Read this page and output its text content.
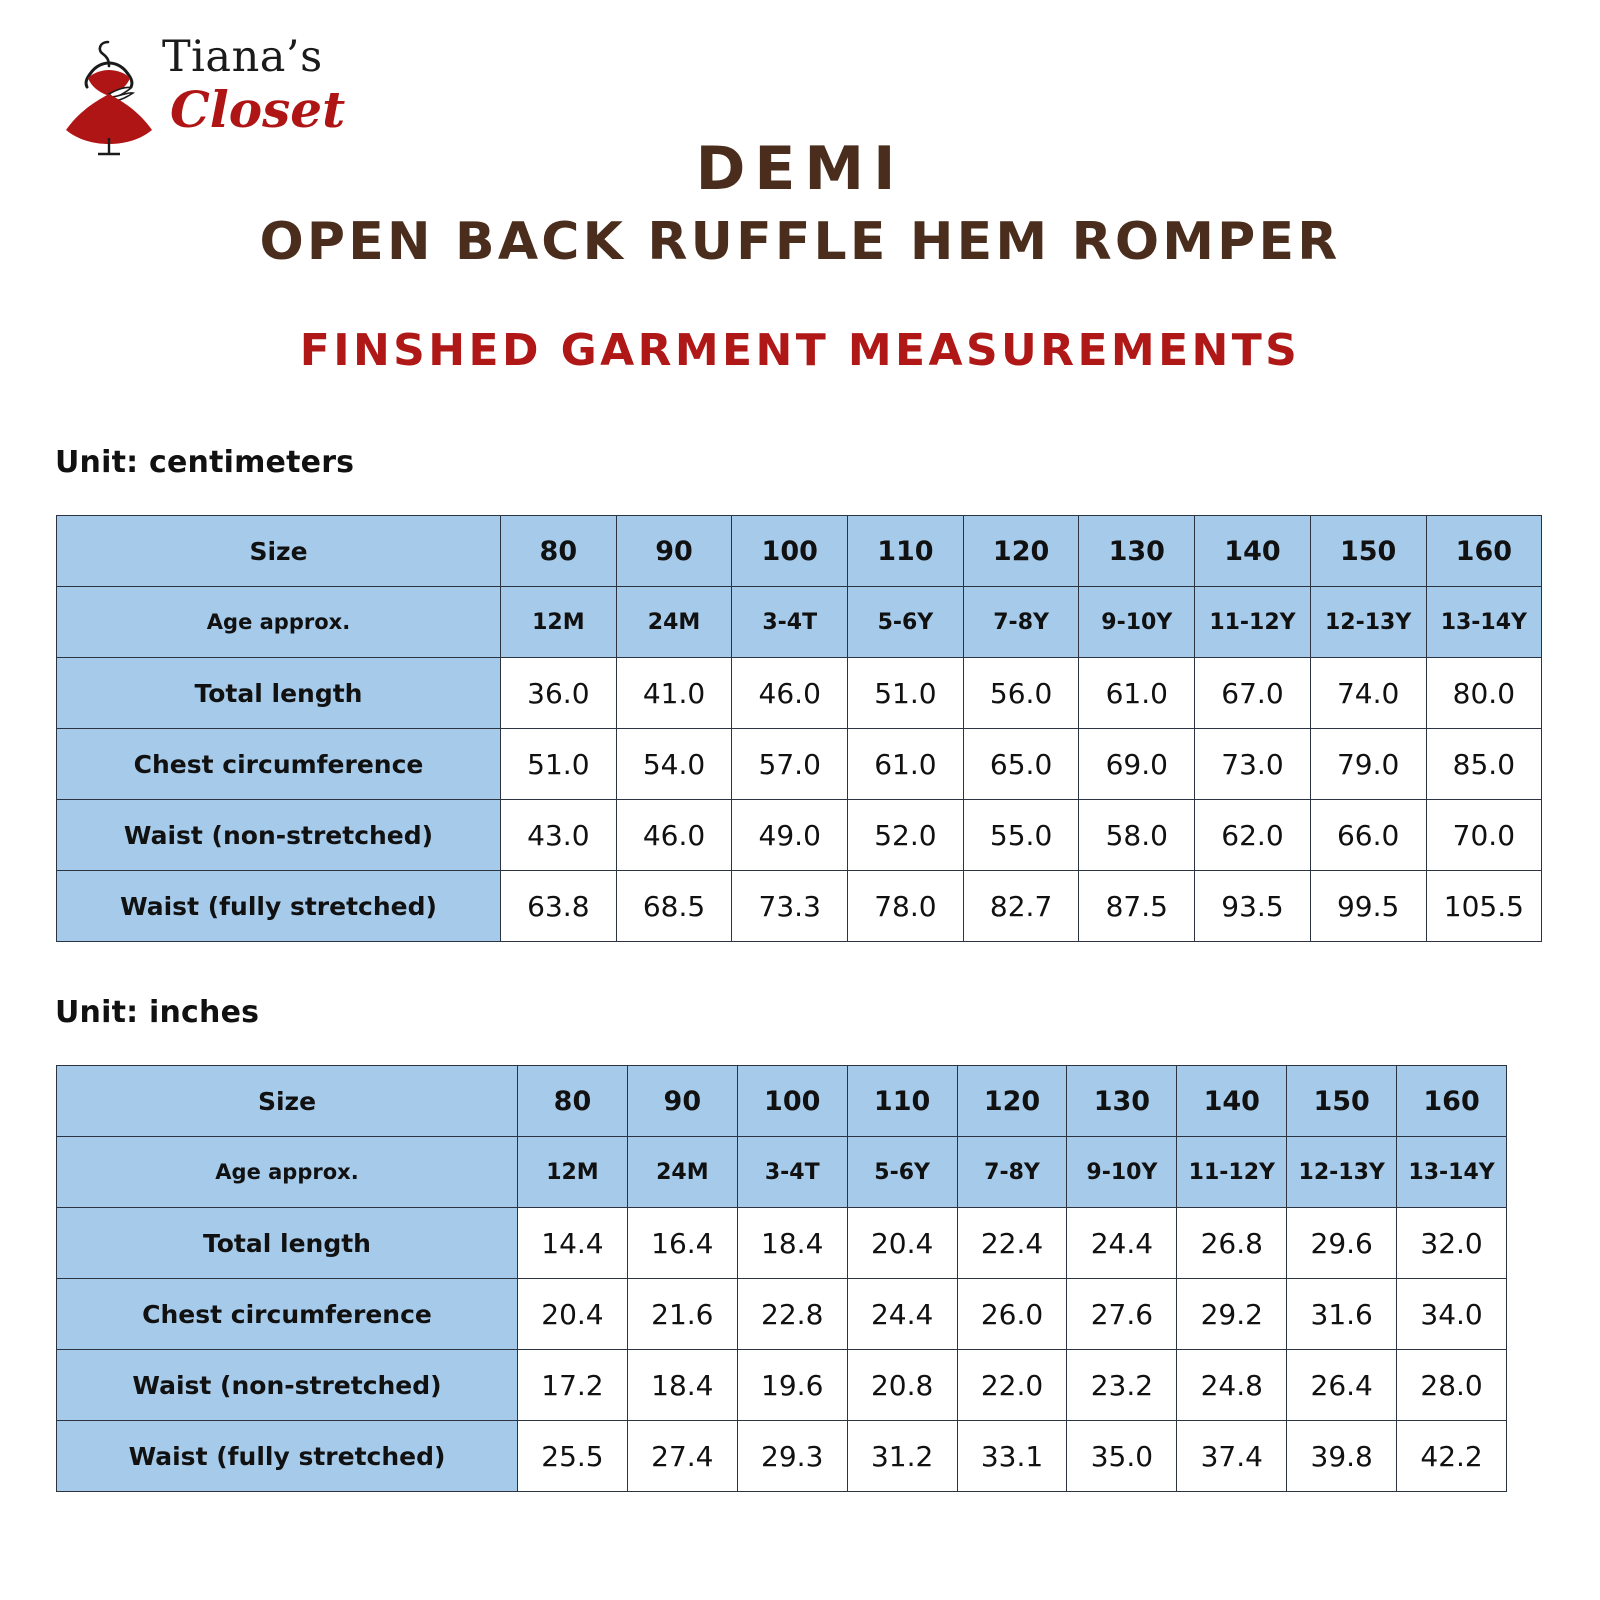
Tiana’s
Closet
DEMI
OPEN BACK RUFFLE HEM ROMPER
FINSHED GARMENT MEASUREMENTS
Unit: centimeters
Unit: inches
Size	80	90	100	110	120	130	140	150	160
Age approx.	12M	24M	3-4T	5-6Y	7-8Y	9-10Y	11-12Y	12-13Y	13-14Y
Total length	36.0	41.0	46.0	51.0	56.0	61.0	67.0	74.0	80.0
Chest circumference	51.0	54.0	57.0	61.0	65.0	69.0	73.0	79.0	85.0
Waist (non-stretched)	43.0	46.0	49.0	52.0	55.0	58.0	62.0	66.0	70.0
Waist (fully stretched)	63.8	68.5	73.3	78.0	82.7	87.5	93.5	99.5	105.5
Size	80	90	100	110	120	130	140	150	160
Age approx.	12M	24M	3-4T	5-6Y	7-8Y	9-10Y	11-12Y	12-13Y	13-14Y
Total length	14.4	16.4	18.4	20.4	22.4	24.4	26.8	29.6	32.0
Chest circumference	20.4	21.6	22.8	24.4	26.0	27.6	29.2	31.6	34.0
Waist (non-stretched)	17.2	18.4	19.6	20.8	22.0	23.2	24.8	26.4	28.0
Waist (fully stretched)	25.5	27.4	29.3	31.2	33.1	35.0	37.4	39.8	42.2
